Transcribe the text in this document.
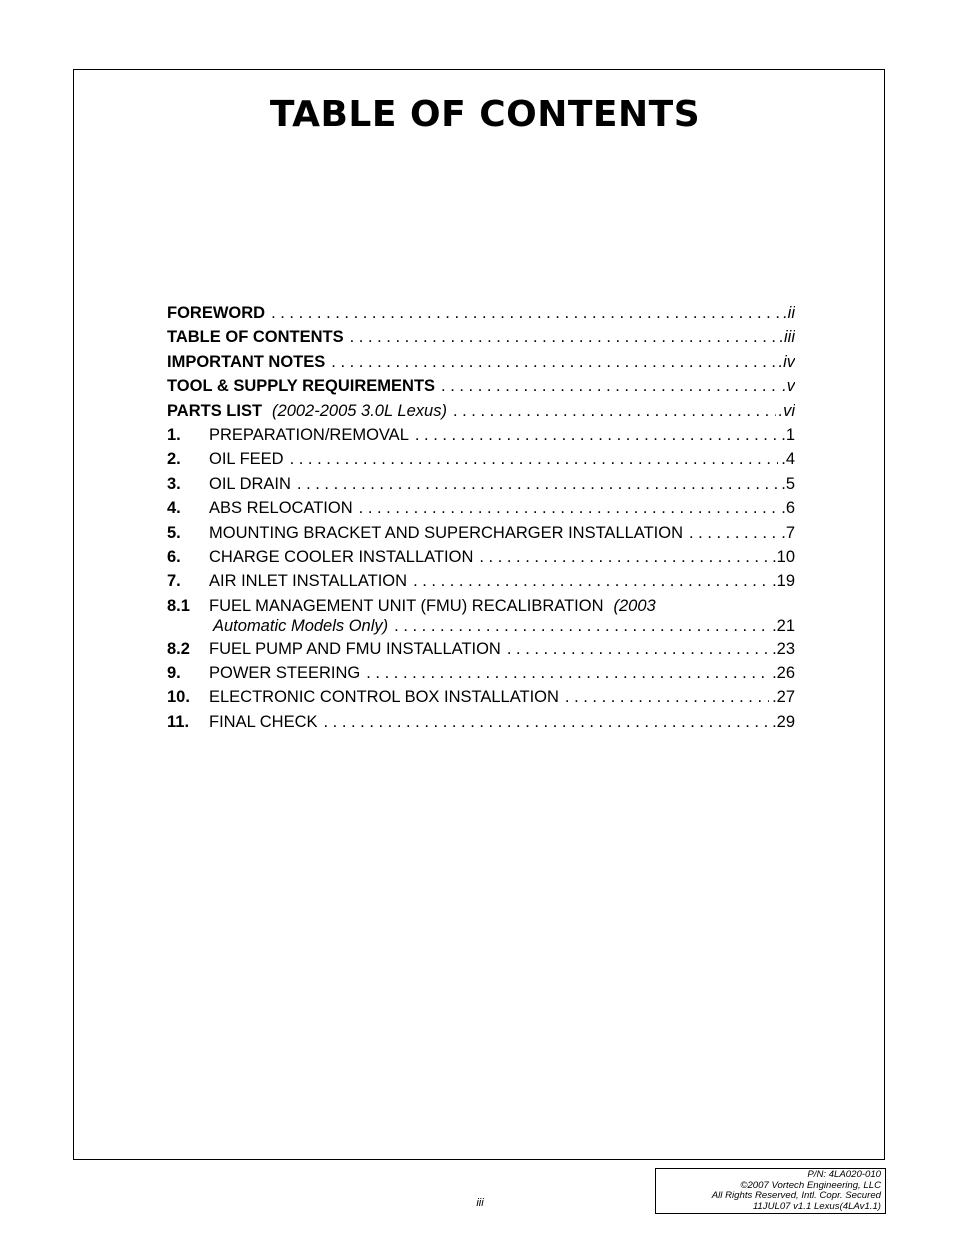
TABLE OF CONTENTS
FOREWORD . . .	.ii
TABLE OF CONTENTS . . .	.iii
IMPORTANT NOTES . . .	.iv
TOOL & SUPPLY REQUIREMENTS . . .	.v
PARTS LIST (2002-2005 3.0L Lexus) . . .	.vi
1.	PREPARATION/REMOVAL . . .	.1
2.	OIL FEED . . .	.4
3.	OIL DRAIN . . .	.5
4.	ABS RELOCATION . . .	.6
5.	MOUNTING BRACKET AND SUPERCHARGER INSTALLATION . . .	.7
6.	CHARGE COOLER INSTALLATION . . .	.10
7.	AIR INLET INSTALLATION . . .	.19
8.1	FUEL MANAGEMENT UNIT (FMU) RECALIBRATION (2003
Automatic Models Only) . . .	.21
8.2	FUEL PUMP AND FMU INSTALLATION . . .	.23
9.	POWER STEERING . . .	.26
10.	ELECTRONIC CONTROL BOX INSTALLATION . . .	.27
11.	FINAL CHECK . . .	.29
iii
P/N: 4LA020-010
©2007 Vortech Engineering, LLC
All Rights Reserved, Intl. Copr. Secured
11JUL07 v1.1 Lexus(4LAv1.1)
